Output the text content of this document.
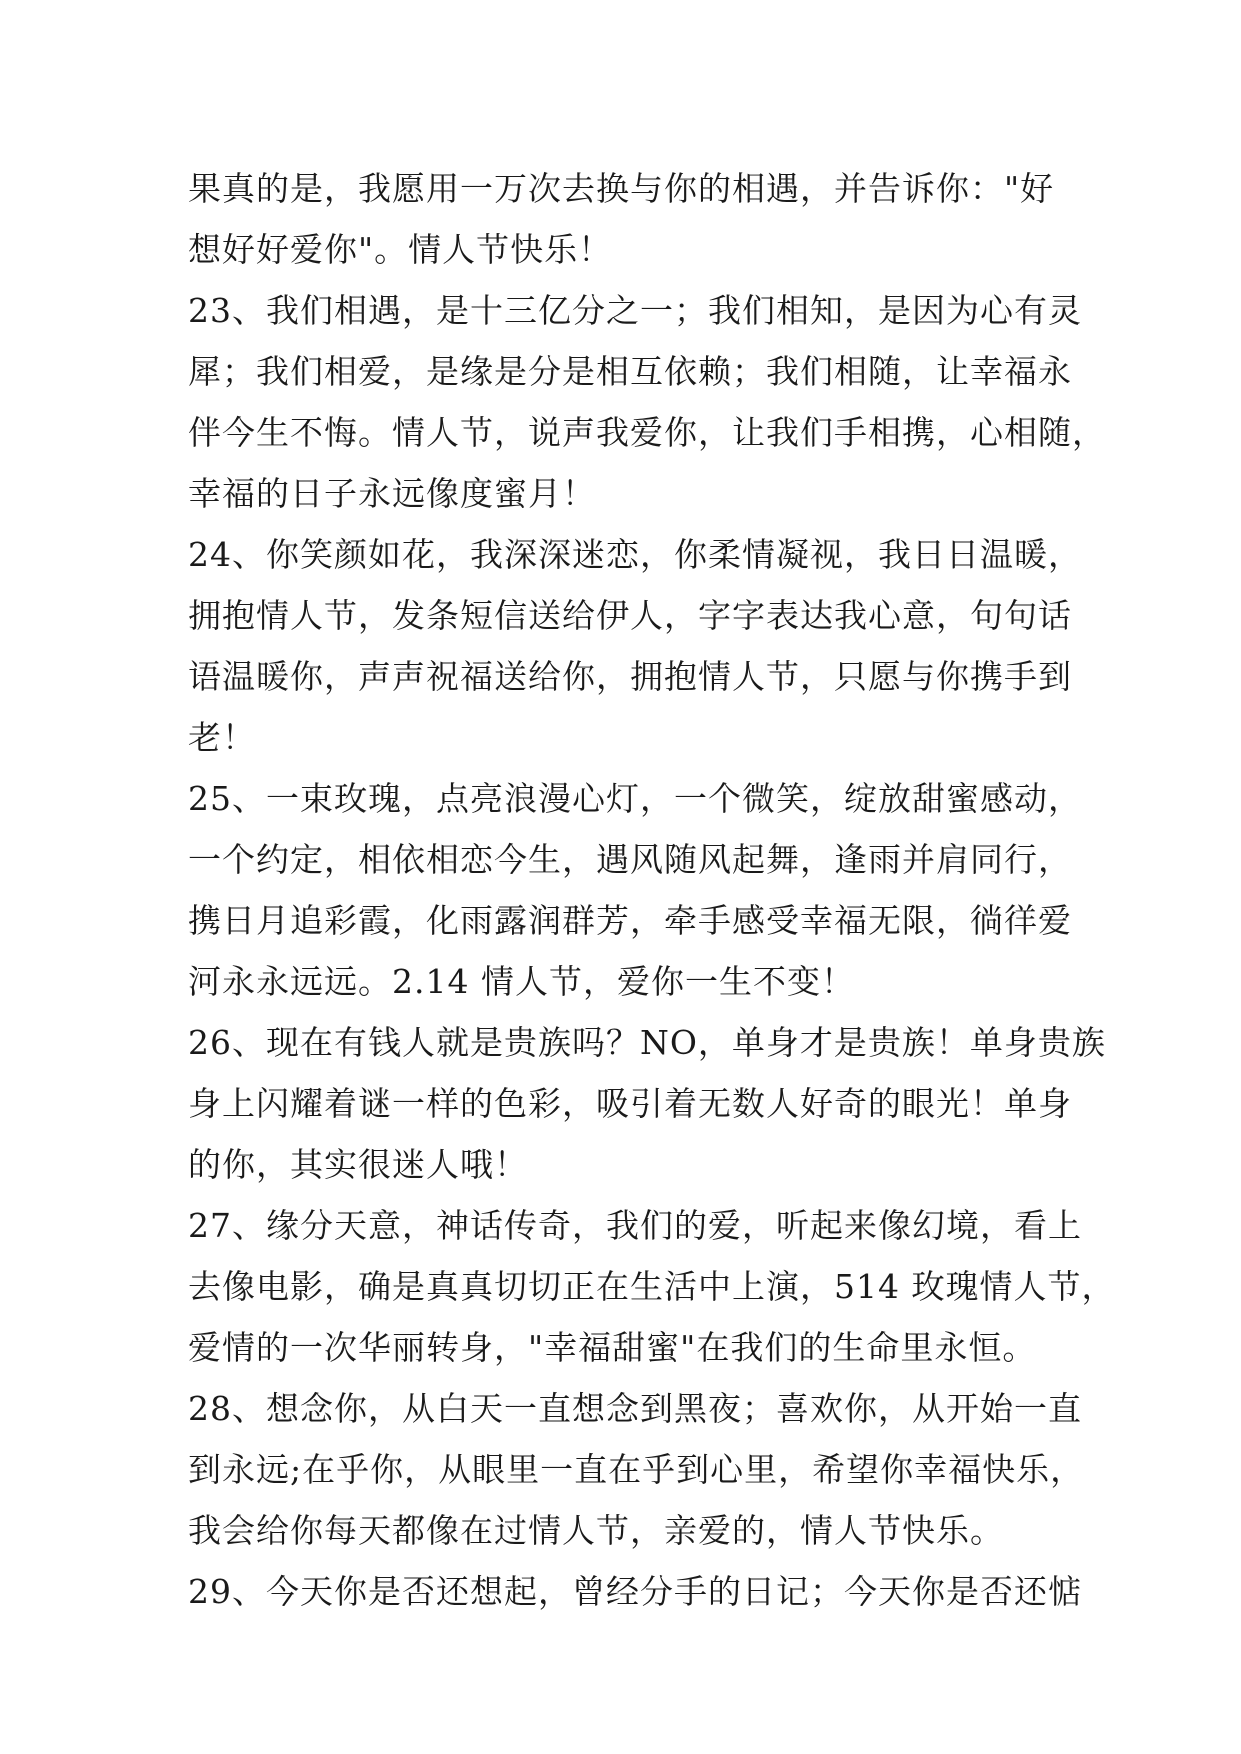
果真的是，我愿用一万次去换与你的相遇，并告诉你："好
想好好爱你"。情人节快乐！
23、我们相遇，是十三亿分之一；我们相知，是因为心有灵
犀；我们相爱，是缘是分是相互依赖；我们相随，让幸福永
伴今生不悔。情人节，说声我爱你，让我们手相携，心相随，
幸福的日子永远像度蜜月！
24、你笑颜如花，我深深迷恋，你柔情凝视，我日日温暖，
拥抱情人节，发条短信送给伊人，字字表达我心意，句句话
语温暖你，声声祝福送给你，拥抱情人节，只愿与你携手到
老！
25、一束玫瑰，点亮浪漫心灯，一个微笑，绽放甜蜜感动，
一个约定，相依相恋今生，遇风随风起舞，逢雨并肩同行，
携日月追彩霞，化雨露润群芳，牵手感受幸福无限，徜徉爱
河永永远远。2.14 情人节，爱你一生不变！
26、现在有钱人就是贵族吗？NO，单身才是贵族！单身贵族
身上闪耀着谜一样的色彩，吸引着无数人好奇的眼光！单身
的你，其实很迷人哦！
27、缘分天意，神话传奇，我们的爱，听起来像幻境，看上
去像电影，确是真真切切正在生活中上演，514 玫瑰情人节，
爱情的一次华丽转身，"幸福甜蜜"在我们的生命里永恒。
28、想念你，从白天一直想念到黑夜；喜欢你，从开始一直
到永远;在乎你，从眼里一直在乎到心里，希望你幸福快乐，
我会给你每天都像在过情人节，亲爱的，情人节快乐。
29、今天你是否还想起，曾经分手的日记；今天你是否还惦
